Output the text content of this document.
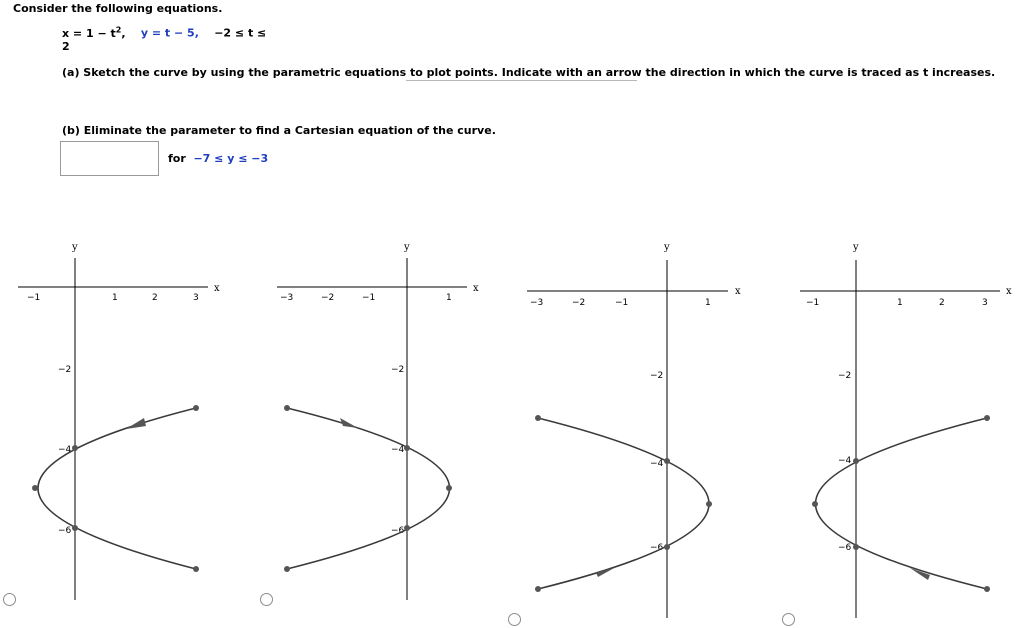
Consider the following equations.
$x = 1 - t^2$, y = t − 5, −2 ≤ t ≤
2
(a) Sketch the curve by using the parametric equations to plot points. Indicate with an arrow the direction in which the curve is traced as t increases.
(b) Eliminate the parameter to find a Cartesian equation of the curve.
for −7 ≤ y ≤ −3
y
x
−1	1	2	3
−2
−4
−6
y
x
−3	−2	−1	1
−2
−4
−6
y
x
−3	−2	−1	1
−2
−4
−6
y
x
−1	1	2	3
−2
−4
−6
